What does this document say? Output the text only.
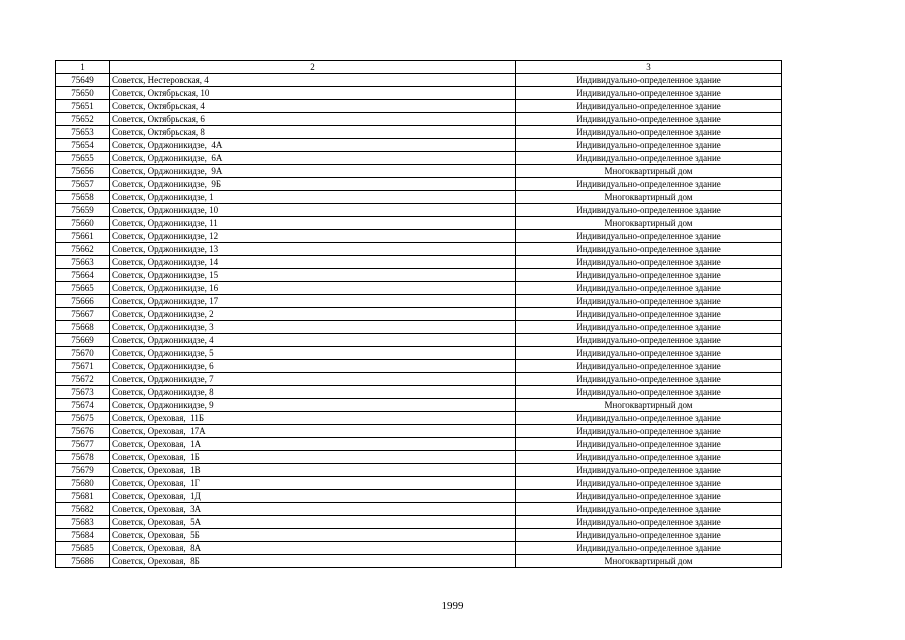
1	2	3
75649	Советск, Нестеровская, 4	Индивидуально-определенное здание
75650	Советск, Октябрьская, 10	Индивидуально-определенное здание
75651	Советск, Октябрьская, 4	Индивидуально-определенное здание
75652	Советск, Октябрьская, 6	Индивидуально-определенное здание
75653	Советск, Октябрьская, 8	Индивидуально-определенное здание
75654	Советск, Орджоникидзе,  4А	Индивидуально-определенное здание
75655	Советск, Орджоникидзе,  6А	Индивидуально-определенное здание
75656	Советск, Орджоникидзе,  9А	Многоквартирный дом
75657	Советск, Орджоникидзе,  9Б	Индивидуально-определенное здание
75658	Советск, Орджоникидзе, 1	Многоквартирный дом
75659	Советск, Орджоникидзе, 10	Индивидуально-определенное здание
75660	Советск, Орджоникидзе, 11	Многоквартирный дом
75661	Советск, Орджоникидзе, 12	Индивидуально-определенное здание
75662	Советск, Орджоникидзе, 13	Индивидуально-определенное здание
75663	Советск, Орджоникидзе, 14	Индивидуально-определенное здание
75664	Советск, Орджоникидзе, 15	Индивидуально-определенное здание
75665	Советск, Орджоникидзе, 16	Индивидуально-определенное здание
75666	Советск, Орджоникидзе, 17	Индивидуально-определенное здание
75667	Советск, Орджоникидзе, 2	Индивидуально-определенное здание
75668	Советск, Орджоникидзе, 3	Индивидуально-определенное здание
75669	Советск, Орджоникидзе, 4	Индивидуально-определенное здание
75670	Советск, Орджоникидзе, 5	Индивидуально-определенное здание
75671	Советск, Орджоникидзе, 6	Индивидуально-определенное здание
75672	Советск, Орджоникидзе, 7	Индивидуально-определенное здание
75673	Советск, Орджоникидзе, 8	Индивидуально-определенное здание
75674	Советск, Орджоникидзе, 9	Многоквартирный дом
75675	Советск, Ореховая,  11Б	Индивидуально-определенное здание
75676	Советск, Ореховая,  17А	Индивидуально-определенное здание
75677	Советск, Ореховая,  1А	Индивидуально-определенное здание
75678	Советск, Ореховая,  1Б	Индивидуально-определенное здание
75679	Советск, Ореховая,  1В	Индивидуально-определенное здание
75680	Советск, Ореховая,  1Г	Индивидуально-определенное здание
75681	Советск, Ореховая,  1Д	Индивидуально-определенное здание
75682	Советск, Ореховая,  3А	Индивидуально-определенное здание
75683	Советск, Ореховая,  5А	Индивидуально-определенное здание
75684	Советск, Ореховая,  5Б	Индивидуально-определенное здание
75685	Советск, Ореховая,  8А	Индивидуально-определенное здание
75686	Советск, Ореховая,  8Б	Многоквартирный дом
1999
